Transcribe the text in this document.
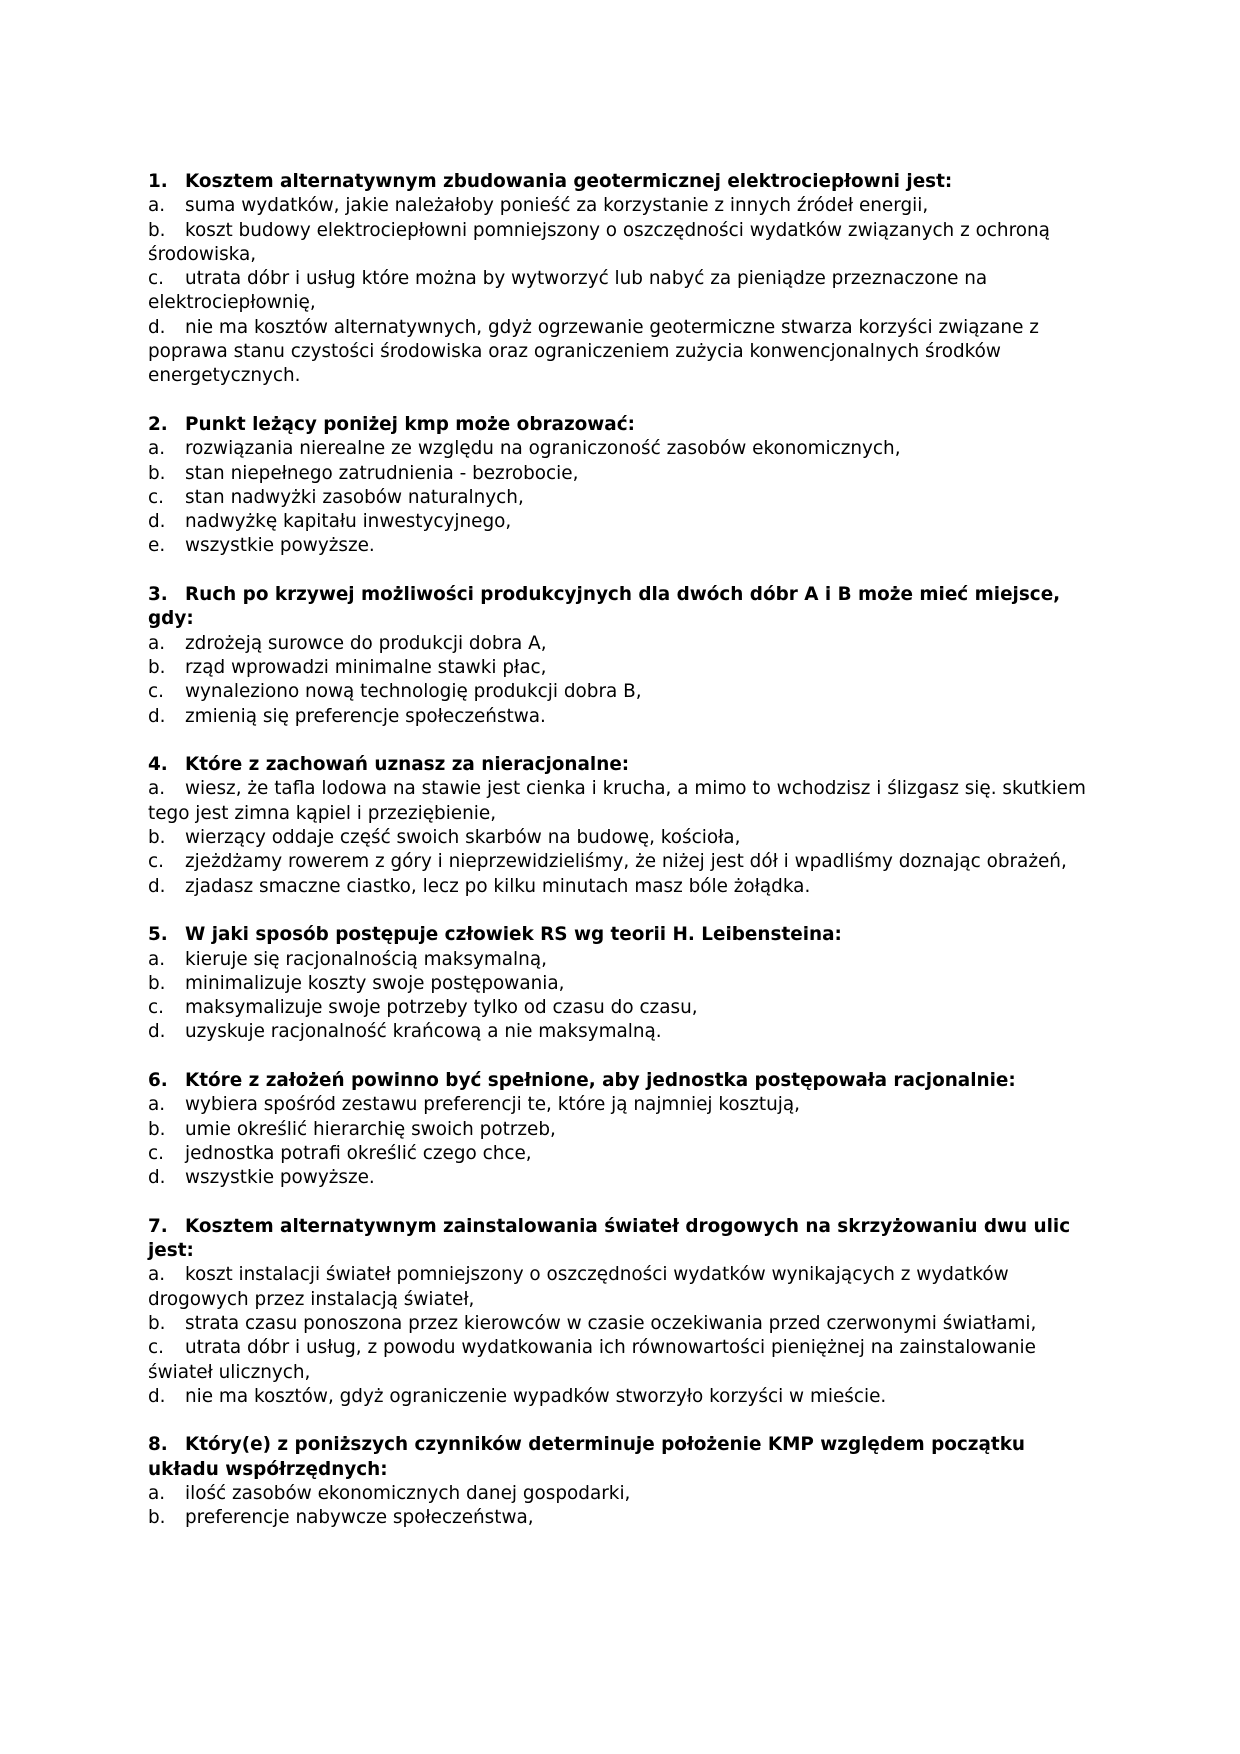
1. Kosztem alternatywnym zbudowania geotermicznej elektrociepłowni jest:
a.	suma wydatków, jakie należałoby ponieść za korzystanie z innych źródeł energii,
b. koszt budowy elektrociepłowni pomniejszony o oszczędności wydatków związanych z ochroną środowiska,
c. utrata dóbr i usług które można by wytworzyć lub nabyć za pieniądze przeznaczone na elektrociepłownię,
d. nie ma kosztów alternatywnych, gdyż ogrzewanie geotermiczne stwarza korzyści związane z poprawa stanu czystości środowiska oraz ograniczeniem zużycia konwencjonalnych środków energetycznych.
2. Punkt leżący poniżej kmp może obrazować:
a.	rozwiązania nierealne ze względu na ograniczoność zasobów ekonomicznych,
b.	stan niepełnego zatrudnienia - bezrobocie,
c.	stan nadwyżki zasobów naturalnych,
d.	nadwyżkę kapitału inwestycyjnego,
e.	wszystkie powyższe.
3. Ruch po krzywej możliwości produkcyjnych dla dwóch dóbr A i B może mieć miejsce, gdy:
a.	zdrożeją surowce do produkcji dobra A,
b.	rząd wprowadzi minimalne stawki płac,
c.	wynaleziono nową technologię produkcji dobra B,
d.	zmienią się preferencje społeczeństwa.
4. Które z zachowań uznasz za nieracjonalne:
a. wiesz, że tafla lodowa na stawie jest cienka i krucha, a mimo to wchodzisz i ślizgasz się. skutkiem tego jest zimna kąpiel i przeziębienie,
b.	wierzący oddaje część swoich skarbów na budowę, kościoła,
c. zjeżdżamy rowerem z góry i nieprzewidzieliśmy, że niżej jest dół i wpadliśmy doznając obrażeń,
d.	zjadasz smaczne ciastko, lecz po kilku minutach masz bóle żołądka.
5. W jaki sposób postępuje człowiek RS wg teorii H. Leibensteina:
a.	kieruje się racjonalnością maksymalną,
b.	minimalizuje koszty swoje postępowania,
c.	maksymalizuje swoje potrzeby tylko od czasu do czasu,
d.	uzyskuje racjonalność krańcową a nie maksymalną.
6. Które z założeń powinno być spełnione, aby jednostka postępowała racjonalnie:
a.	wybiera spośród zestawu preferencji te, które ją najmniej kosztują,
b.	umie określić hierarchię swoich potrzeb,
c.	jednostka potrafi określić czego chce,
d.	wszystkie powyższe.
7. Kosztem alternatywnym zainstalowania świateł drogowych na skrzyżowaniu dwu ulic jest:
a. koszt instalacji świateł pomniejszony o oszczędności wydatków wynikających z wydatków drogowych przez instalacją świateł,
b. strata czasu ponoszona przez kierowców w czasie oczekiwania przed czerwonymi światłami,
c. utrata dóbr i usług, z powodu wydatkowania ich równowartości pieniężnej na zainstalowanie świateł ulicznych,
d.	nie ma kosztów, gdyż ograniczenie wypadków stworzyło korzyści w mieście.
8. Który(e) z poniższych czynników determinuje położenie KMP względem początku układu współrzędnych:
a.	ilość zasobów ekonomicznych danej gospodarki,
b.	preferencje nabywcze społeczeństwa,
